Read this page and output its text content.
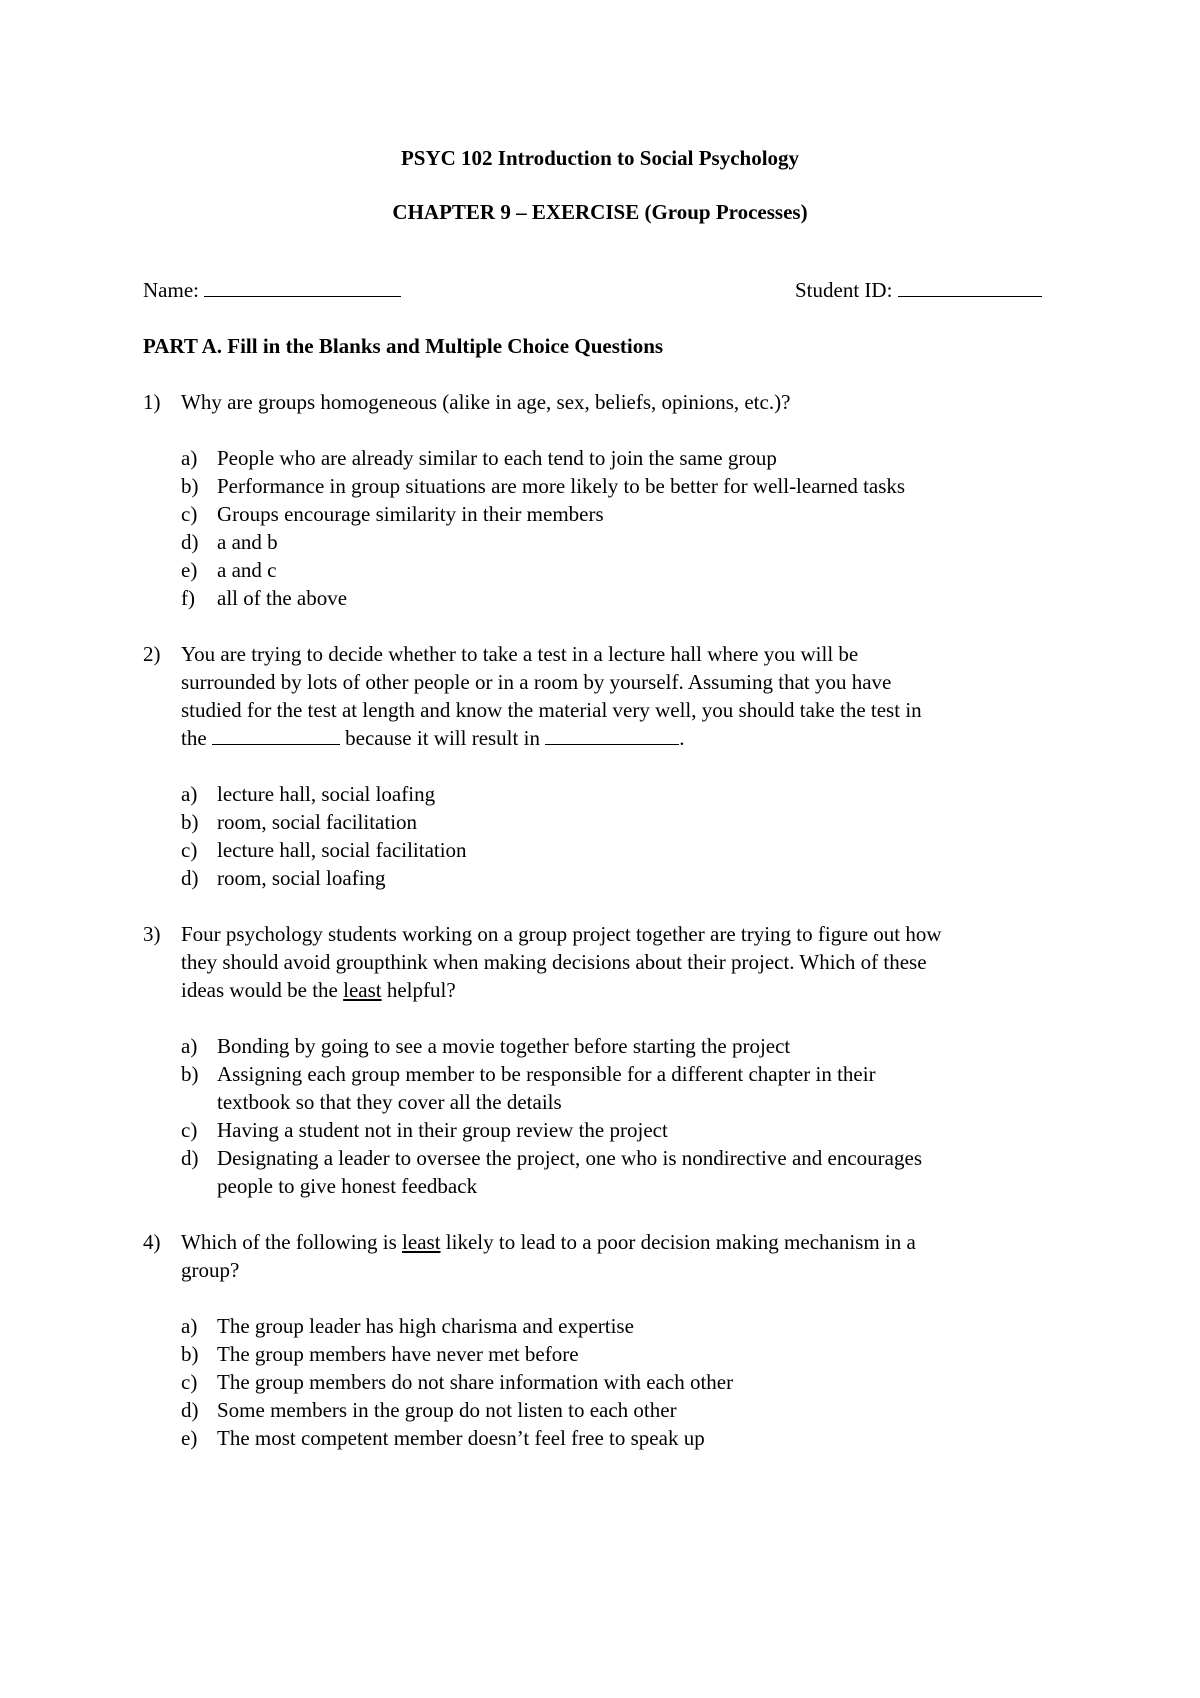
PSYC 102 Introduction to Social Psychology
CHAPTER 9 – EXERCISE (Group Processes)
Name:	Student ID:
PART A. Fill in the Blanks and Multiple Choice Questions
1) Why are groups homogeneous (alike in age, sex, beliefs, opinions, etc.)?
a) People who are already similar to each tend to join the same group
b) Performance in group situations are more likely to be better for well-learned tasks
c) Groups encourage similarity in their members
d) a and b
e) a and c
f) all of the above
2) You are trying to decide whether to take a test in a lecture hall where you will be
surrounded by lots of other people or in a room by yourself. Assuming that you have
studied for the test at length and know the material very well, you should take the test in
the	because it will result in	.
a) lecture hall, social loafing
b) room, social facilitation
c) lecture hall, social facilitation
d) room, social loafing
3) Four psychology students working on a group project together are trying to figure out how
they should avoid groupthink when making decisions about their project. Which of these
ideas would be the least helpful?
a) Bonding by going to see a movie together before starting the project
b) Assigning each group member to be responsible for a different chapter in their
textbook so that they cover all the details
c) Having a student not in their group review the project
d) Designating a leader to oversee the project, one who is nondirective and encourages
people to give honest feedback
4) Which of the following is least likely to lead to a poor decision making mechanism in a
group?
a) The group leader has high charisma and expertise
b) The group members have never met before
c) The group members do not share information with each other
d) Some members in the group do not listen to each other
e) The most competent member doesn’t feel free to speak up
